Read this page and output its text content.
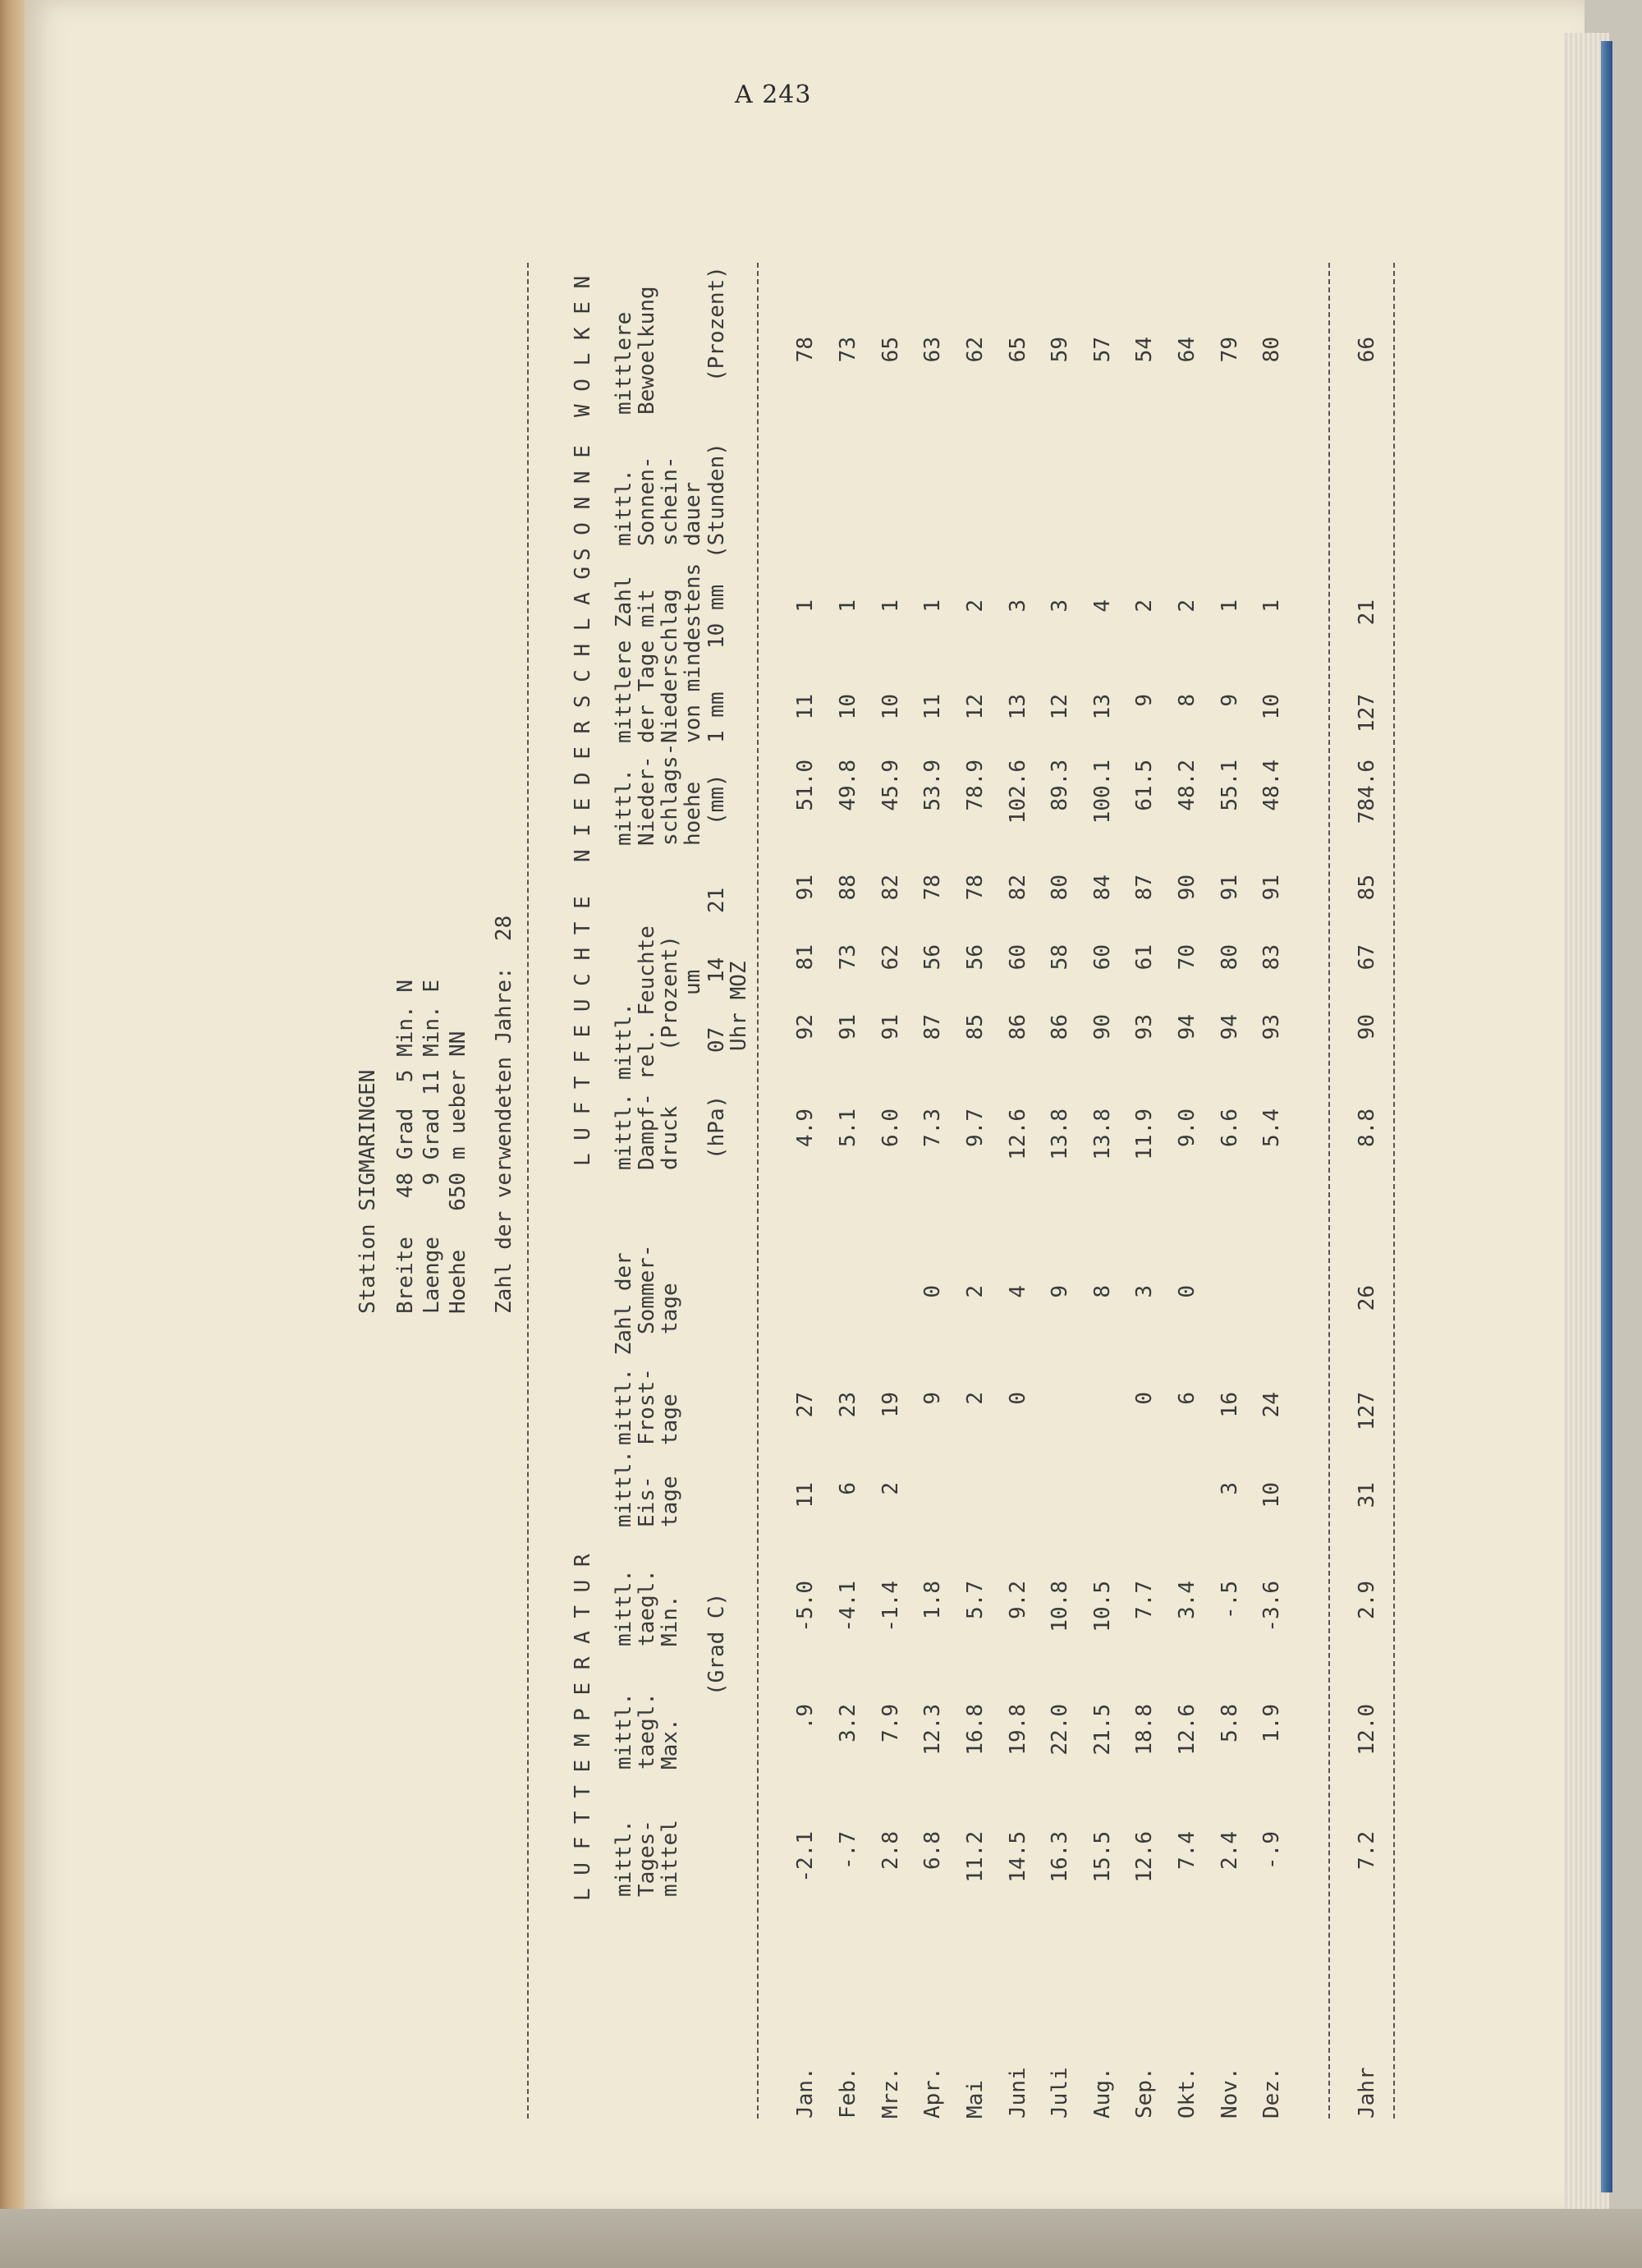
A 243
Station SIGMARINGEN Breite   48 Grad  5 Min. N Laenge    9 Grad 11 Min. E Hoehe   650 m ueber NN Zahl der verwendeten Jahre:  28
L U F T T E M P E R A T U R
L U F T F E U C H T E
N I E D E R S C H L A G
S O N N E
W O L K E N
mittl.
Tages-
mittel
mittl.
taegl.
Max.
mittl.
taegl.
Min.
mittl.
Eis-
tage
mittl. Zahl der
Frost-
tage
Sommer-
tage
(Grad C)
mittl.
Dampf-
druck (hPa)
mittl.
rel. Feuchte
(Prozent)
um
07
14
21
Uhr MOZ
mittl.
Nieder-
schlags-
hoehe (mm)
mittlere Zahl
der Tage mit
Niederschlag
von mindestens 1 mm
10 mm
mittl.
Sonnen-
schein-
dauer (Stunden)
mittlere
Bewoelkung (Prozent)
Jan.
-2.1
.9
-5.0
11
27
4.9
92
81
91
51.0
11
1
78
Feb.
-.7
3.2
-4.1
6
23
5.1
91
73
88
49.8
10
1
73
Mrz.
2.8
7.9
-1.4
2
19
6.0
91
62
82
45.9
10
1
65
Apr.
6.8
12.3
1.8
9
0
7.3
87
56
78
53.9
11
1
63
Mai
11.2
16.8
5.7
2
2
9.7
85
56
78
78.9
12
2
62
Juni
14.5
19.8
9.2
0
4
12.6
86
60
82
102.6
13
3
65
Juli
16.3
22.0
10.8
9
13.8
86
58
80
89.3
12
3
59
Aug.
15.5
21.5
10.5
8
13.8
90
60
84
100.1
13
4
57
Sep.
12.6
18.8
7.7
0
3
11.9
93
61
87
61.5
9
2
54
Okt.
7.4
12.6
3.4
6
0
9.0
94
70
90
48.2
8
2
64
Nov.
2.4
5.8
-.5
3
16
6.6
94
80
91
55.1
9
1
79
Dez.
-.9
1.9
-3.6
10
24
5.4
93
83
91
48.4
10
1
80
Jahr
7.2
12.0
2.9
31
127
26
8.8
90
67
85
784.6
127
21
66
